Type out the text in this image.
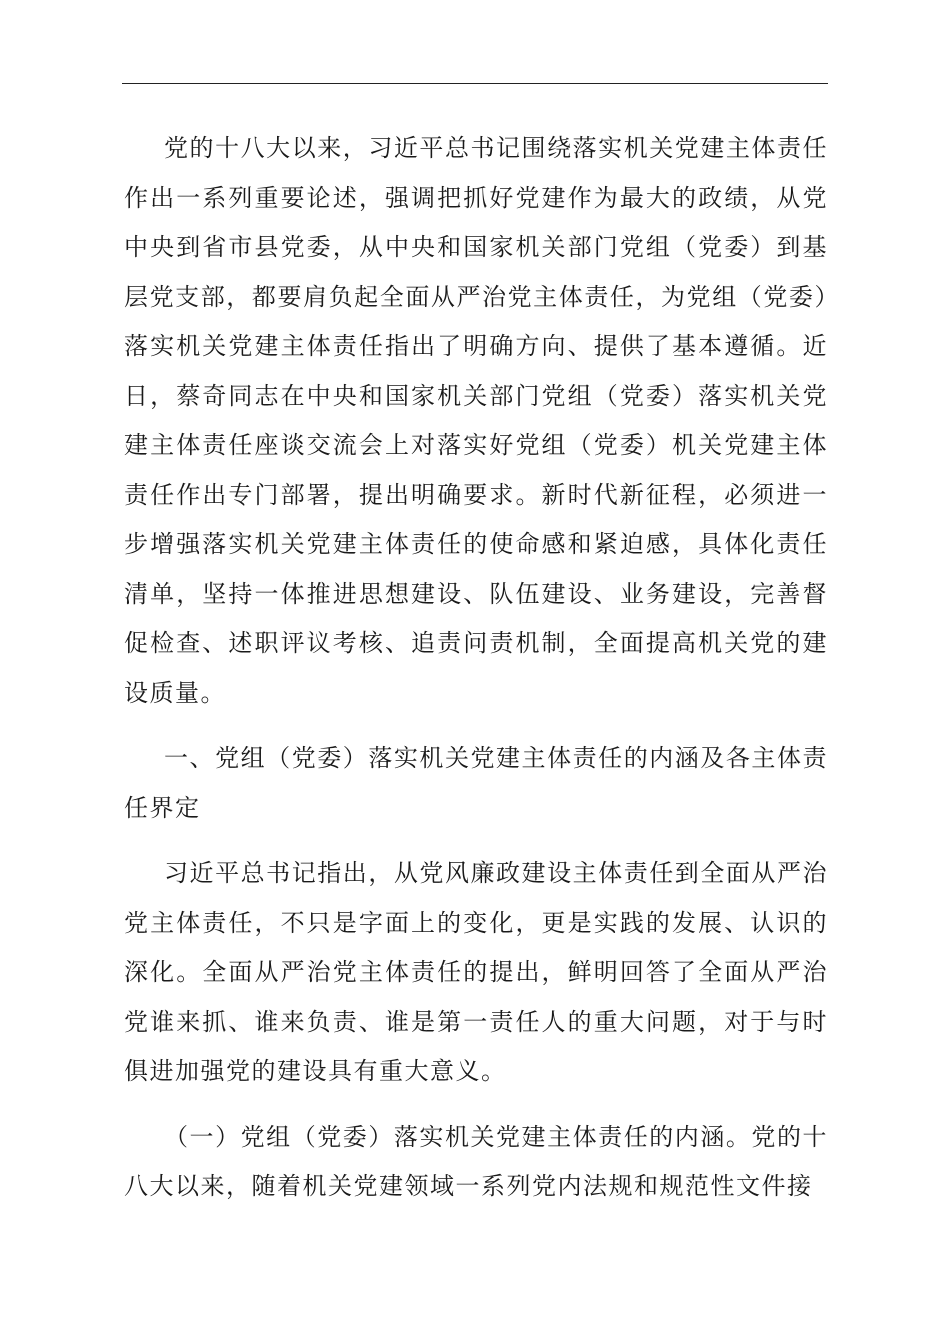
党的十八大以来，习近平总书记围绕落实机关党建主体责任作出一系列重要论述，强调把抓好党建作为最大的政绩，从党中央到省市县党委，从中央和国家机关部门党组（党委）到基层党支部，都要肩负起全面从严治党主体责任，为党组（党委）落实机关党建主体责任指出了明确方向、提供了基本遵循。近日，蔡奇同志在中央和国家机关部门党组（党委）落实机关党建主体责任座谈交流会上对落实好党组（党委）机关党建主体责任作出专门部署，提出明确要求。新时代新征程，必须进一步增强落实机关党建主体责任的使命感和紧迫感，具体化责任清单，坚持一体推进思想建设、队伍建设、业务建设，完善督促检查、述职评议考核、追责问责机制，全面提高机关党的建设质量。

一、党组（党委）落实机关党建主体责任的内涵及各主体责任界定

习近平总书记指出，从党风廉政建设主体责任到全面从严治党主体责任，不只是字面上的变化，更是实践的发展、认识的深化。全面从严治党主体责任的提出，鲜明回答了全面从严治党谁来抓、谁来负责、谁是第一责任人的重大问题，对于与时俱进加强党的建设具有重大意义。

（一）党组（党委）落实机关党建主体责任的内涵。党的十八大以来，随着机关党建领域一系列党内法规和规范性文件接
